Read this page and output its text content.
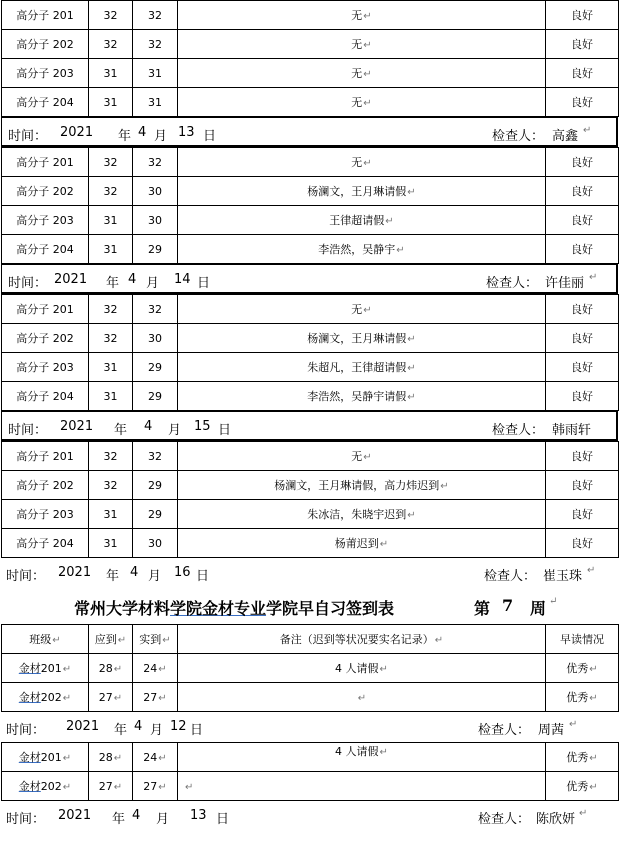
高分子 201	32	32	无↵	良好
高分子 202	32	32	无↵	良好
高分子 203	31	31	无↵	良好
高分子 204	31	31	无↵	良好
时间： 2021 年 4 月 13 日	检查人： 高鑫 ↵
高分子 201	32	32	无↵	良好
高分子 202	32	30	杨澜文，王月琳请假↵	良好
高分子 203	31	30	王律超请假↵	良好
高分子 204	31	29	李浩然，吴静宇↵	良好
时间： 2021 年 4 月 14 日	检查人： 许佳丽 ↵
高分子 201	32	32	无↵	良好
高分子 202	32	30	杨澜文，王月琳请假↵	良好
高分子 203	31	29	朱超凡，王律超请假↵	良好
高分子 204	31	29	李浩然，吴静宇请假↵	良好
时间： 2021 年 4 月 15 日	检查人： 韩雨轩
高分子 201	32	32	无↵	良好
高分子 202	32	29	杨澜文，王月琳请假，高力炜迟到↵	良好
高分子 203	31	29	朱冰洁，朱晓宇迟到↵	良好
高分子 204	31	30	杨莆迟到↵	良好
时间： 2021 年 4 月 16 日	检查人： 崔玉珠 ↵
常州大学材料学院金材专业学院早自习签到表	第 7 周 ↵
班级↵	应到↵	实到↵	备注（迟到等状况要实名记录）↵	早读情况
金材201↵	28↵	24↵	4 人请假↵	优秀↵
金材202↵	27↵	27↵	↵	优秀↵
时间： 2021 年 4 月 12 日	检查人： 周茜 ↵
金材201↵	28↵	24↵	4 人请假↵	优秀↵
金材202↵	27↵	27↵	↵	优秀↵
时间： 2021 年 4 月 13 日	检查人： 陈欣妍 ↵
